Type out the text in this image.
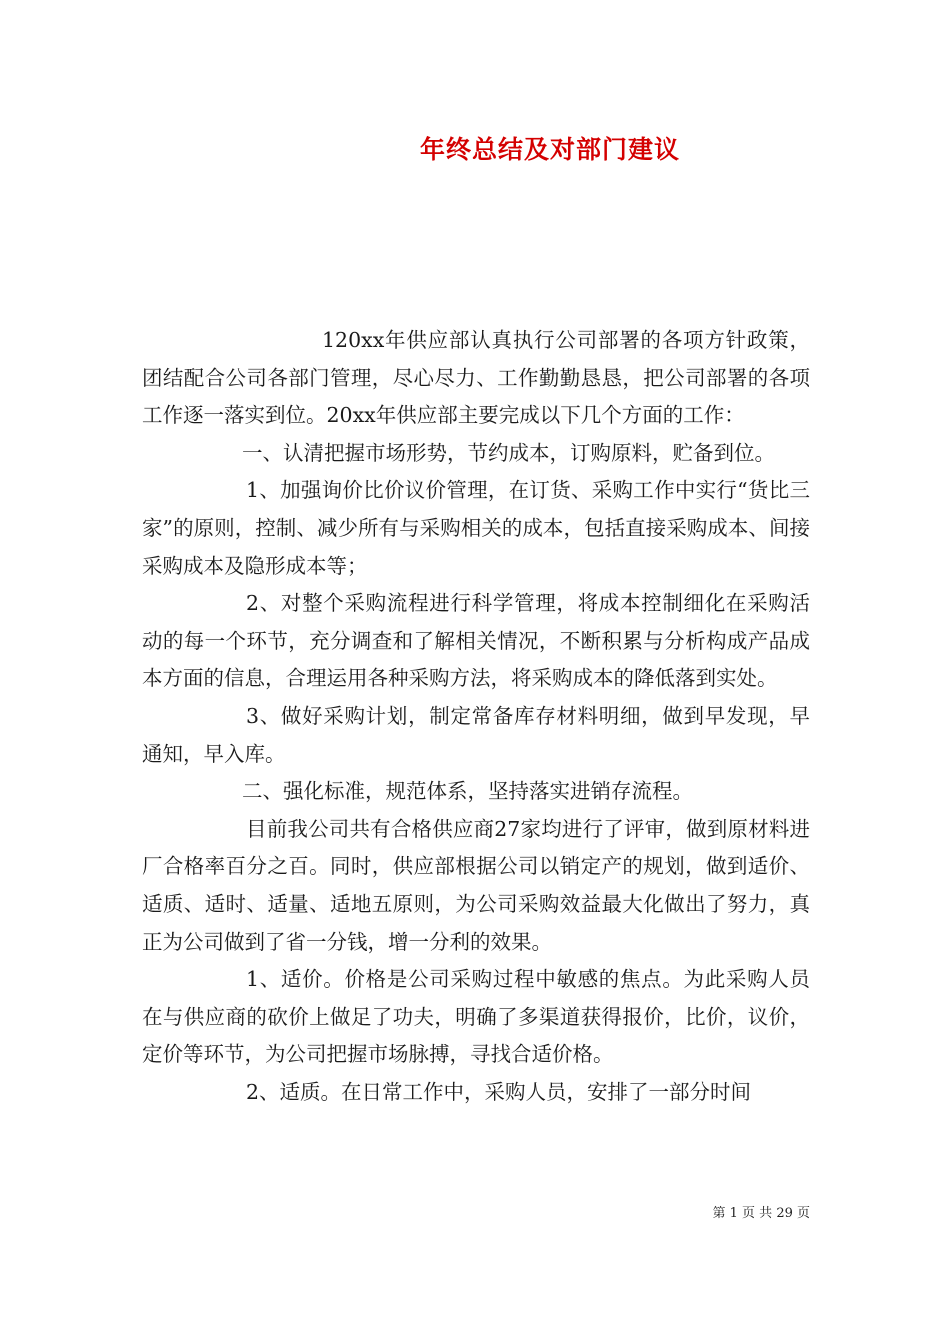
年终总结及对部门建议

120xx年供应部认真执行公司部署的各项方针政策，团结配合公司各部门管理，尽心尽力、工作勤勤恳恳，把公司部署的各项工作逐一落实到位。20xx年供应部主要完成以下几个方面的工作：

一、认清把握市场形势，节约成本，订购原料，贮备到位。

1、加强询价比价议价管理，在订货、采购工作中实行“货比三家”的原则，控制、减少所有与采购相关的成本，包括直接采购成本、间接采购成本及隐形成本等；

2、对整个采购流程进行科学管理，将成本控制细化在采购活动的每一个环节，充分调查和了解相关情况，不断积累与分析构成产品成本方面的信息，合理运用各种采购方法，将采购成本的降低落到实处。

3、做好采购计划，制定常备库存材料明细，做到早发现，早通知，早入库。

二、强化标准，规范体系，坚持落实进销存流程。

目前我公司共有合格供应商27家均进行了评审，做到原材料进厂合格率百分之百。同时，供应部根据公司以销定产的规划，做到适价、适质、适时、适量、适地五原则，为公司采购效益最大化做出了努力，真正为公司做到了省一分钱，增一分利的效果。

1、适价。价格是公司采购过程中敏感的焦点。为此采购人员在与供应商的砍价上做足了功夫，明确了多渠道获得报价，比价，议价，定价等环节，为公司把握市场脉搏，寻找合适价格。

2、适质。在日常工作中，采购人员，安排了一部分时间

第 1 页 共 29 页
